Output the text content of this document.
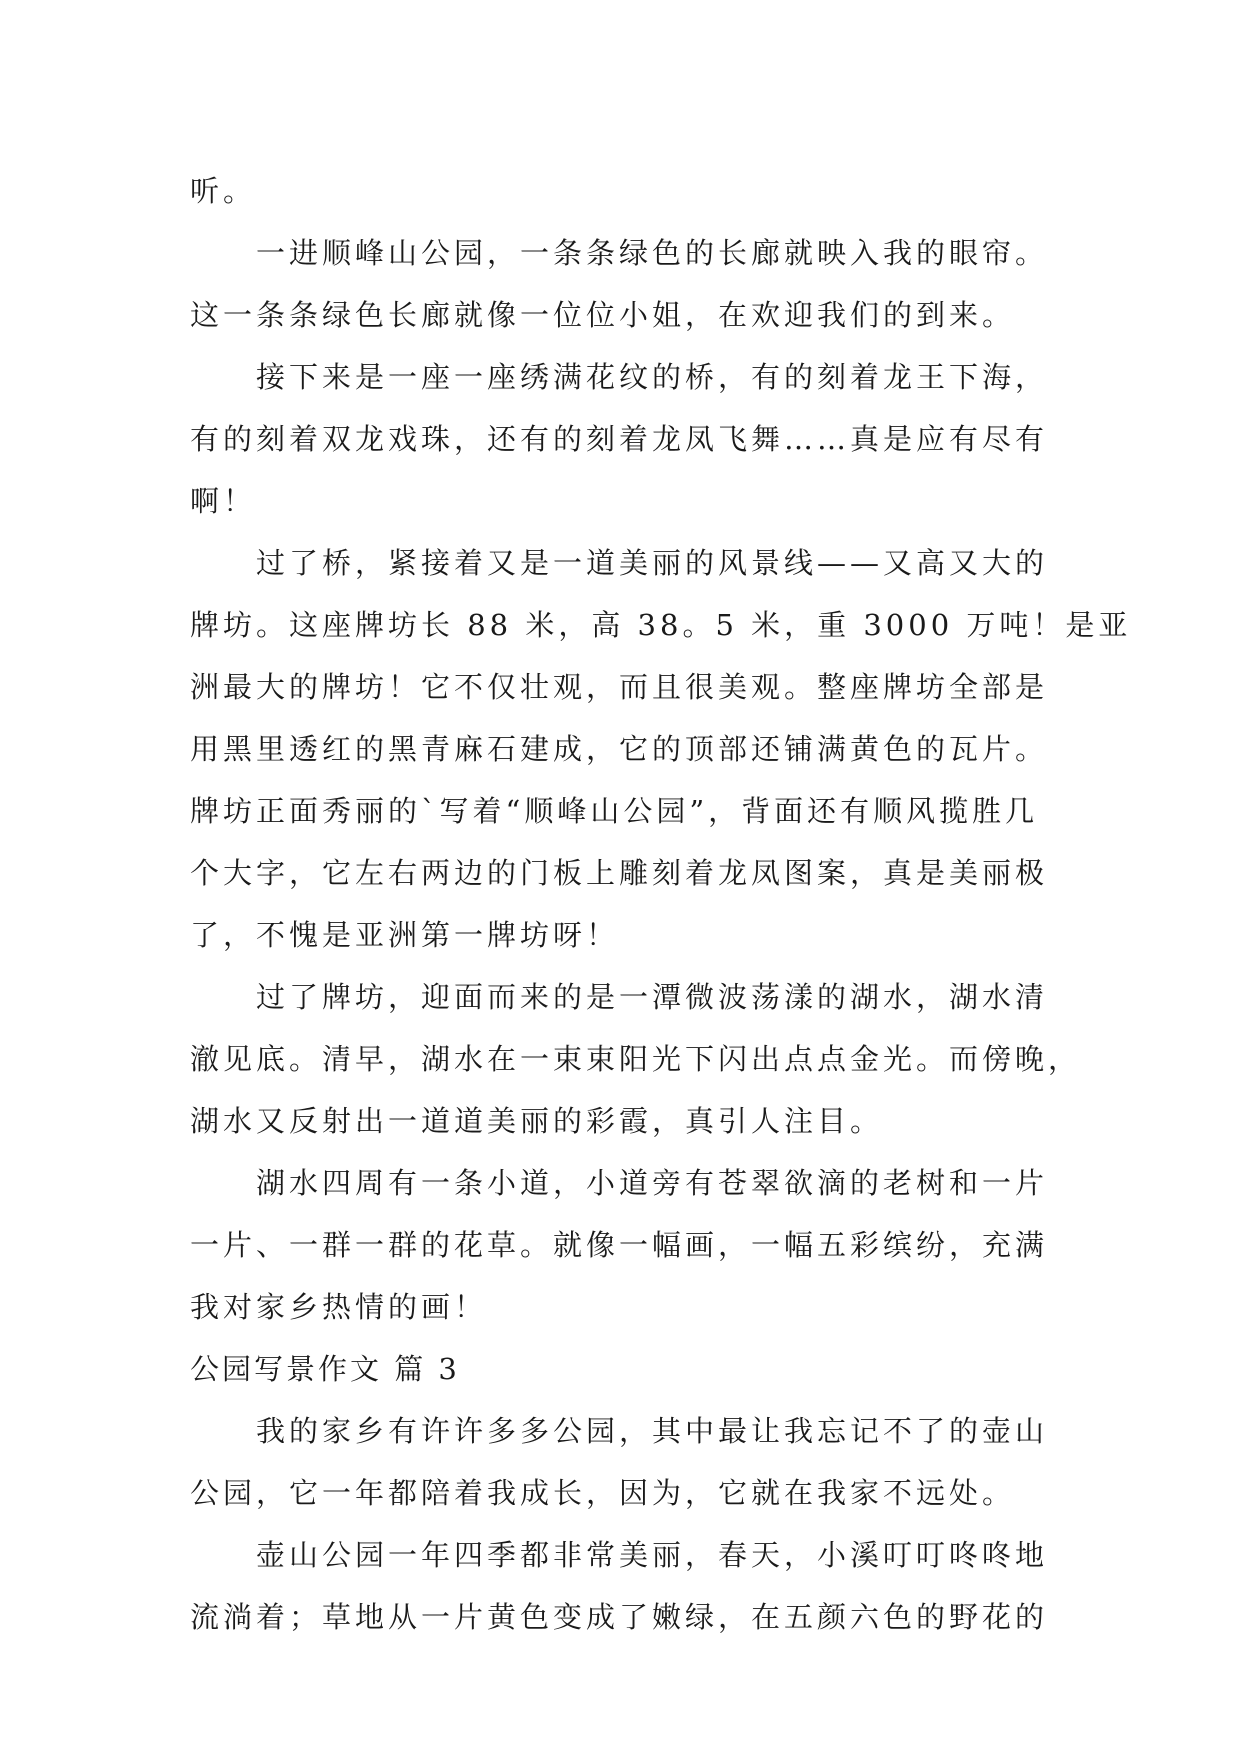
听。
一进顺峰山公园，一条条绿色的长廊就映入我的眼帘。
这一条条绿色长廊就像一位位小姐，在欢迎我们的到来。
接下来是一座一座绣满花纹的桥，有的刻着龙王下海，
有的刻着双龙戏珠，还有的刻着龙凤飞舞……真是应有尽有
啊！
过了桥，紧接着又是一道美丽的风景线——又高又大的
牌坊。这座牌坊长 88 米，高 38。5 米，重 3000 万吨！是亚
洲最大的牌坊！它不仅壮观，而且很美观。整座牌坊全部是
用黑里透红的黑青麻石建成，它的顶部还铺满黄色的瓦片。
牌坊正面秀丽的`写着“顺峰山公园”，背面还有顺风揽胜几
个大字，它左右两边的门板上雕刻着龙凤图案，真是美丽极
了，不愧是亚洲第一牌坊呀！
过了牌坊，迎面而来的是一潭微波荡漾的湖水，湖水清
澈见底。清早，湖水在一束束阳光下闪出点点金光。而傍晚，
湖水又反射出一道道美丽的彩霞，真引人注目。
湖水四周有一条小道，小道旁有苍翠欲滴的老树和一片
一片、一群一群的花草。就像一幅画，一幅五彩缤纷，充满
我对家乡热情的画！
公园写景作文 篇 3
我的家乡有许许多多公园，其中最让我忘记不了的壶山
公园，它一年都陪着我成长，因为，它就在我家不远处。
壶山公园一年四季都非常美丽，春天，小溪叮叮咚咚地
流淌着；草地从一片黄色变成了嫩绿，在五颜六色的野花的
